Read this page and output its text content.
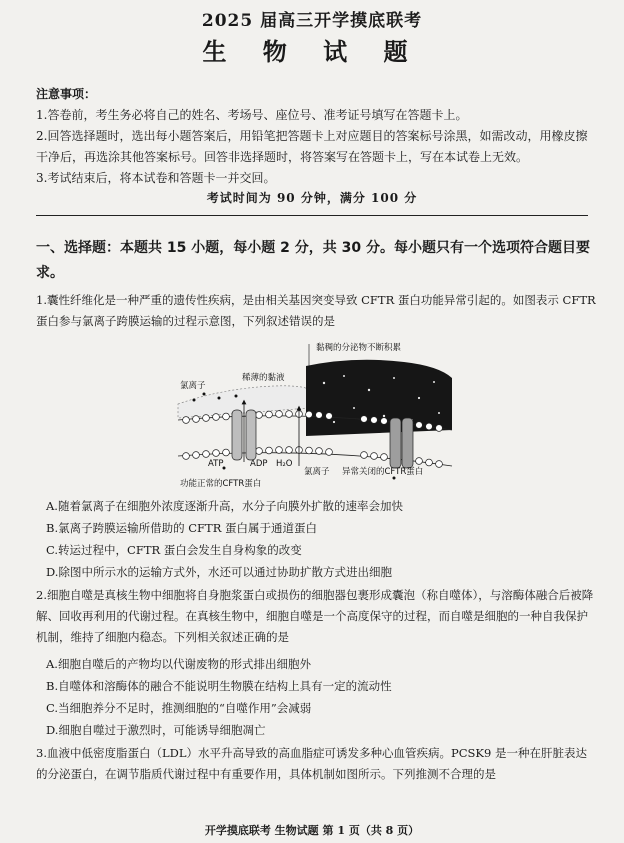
2025 届高三开学摸底联考
生 物 试 题
注意事项：

1.答卷前，考生务必将自己的姓名、考场号、座位号、准考证号填写在答题卡上。

2.回答选择题时，选出每小题答案后，用铅笔把答题卡上对应题目的答案标号涂黑，如需改动，用橡皮擦干净后，再选涂其他答案标号。回答非选择题时，将答案写在答题卡上，写在本试卷上无效。

3.考试结束后，将本试卷和答题卡一并交回。

考试时间为 90 分钟，满分 100 分
一、选择题：本题共 15 小题，每小题 2 分，共 30 分。每小题只有一个选项符合题目要求。
1.囊性纤维化是一种严重的遗传性疾病，是由相关基因突变导致 CFTR 蛋白功能异常引起的。如图表示 CFTR 蛋白参与氯离子跨膜运输的过程示意图，下列叙述错误的是
黏稠的分泌物不断积累
稀薄的黏液
氯离子
ATP	ADP H₂O
功能正常的CFTR蛋白
氯离子 异常关闭的CFTR蛋白
A.随着氯离子在细胞外浓度逐渐升高，水分子向膜外扩散的速率会加快
B.氯离子跨膜运输所借助的 CFTR 蛋白属于通道蛋白
C.转运过程中，CFTR 蛋白会发生自身构象的改变
D.除图中所示水的运输方式外，水还可以通过协助扩散方式进出细胞
2.细胞自噬是真核生物中细胞将自身胞浆蛋白或损伤的细胞器包裹形成囊泡（称自噬体），与溶酶体融合后被降解、回收再利用的代谢过程。在真核生物中，细胞自噬是一个高度保守的过程，而自噬是细胞的一种自我保护机制，维持了细胞内稳态。下列相关叙述正确的是
A.细胞自噬后的产物均以代谢废物的形式排出细胞外
B.自噬体和溶酶体的融合不能说明生物膜在结构上具有一定的流动性
C.当细胞养分不足时，推测细胞的“自噬作用”会减弱
D.细胞自噬过于激烈时，可能诱导细胞凋亡
3.血液中低密度脂蛋白（LDL）水平升高导致的高血脂症可诱发多种心血管疾病。PCSK9 是一种在肝脏表达的分泌蛋白，在调节脂质代谢过程中有重要作用，具体机制如图所示。下列推测不合理的是
开学摸底联考 生物试题 第 1 页（共 8 页）
